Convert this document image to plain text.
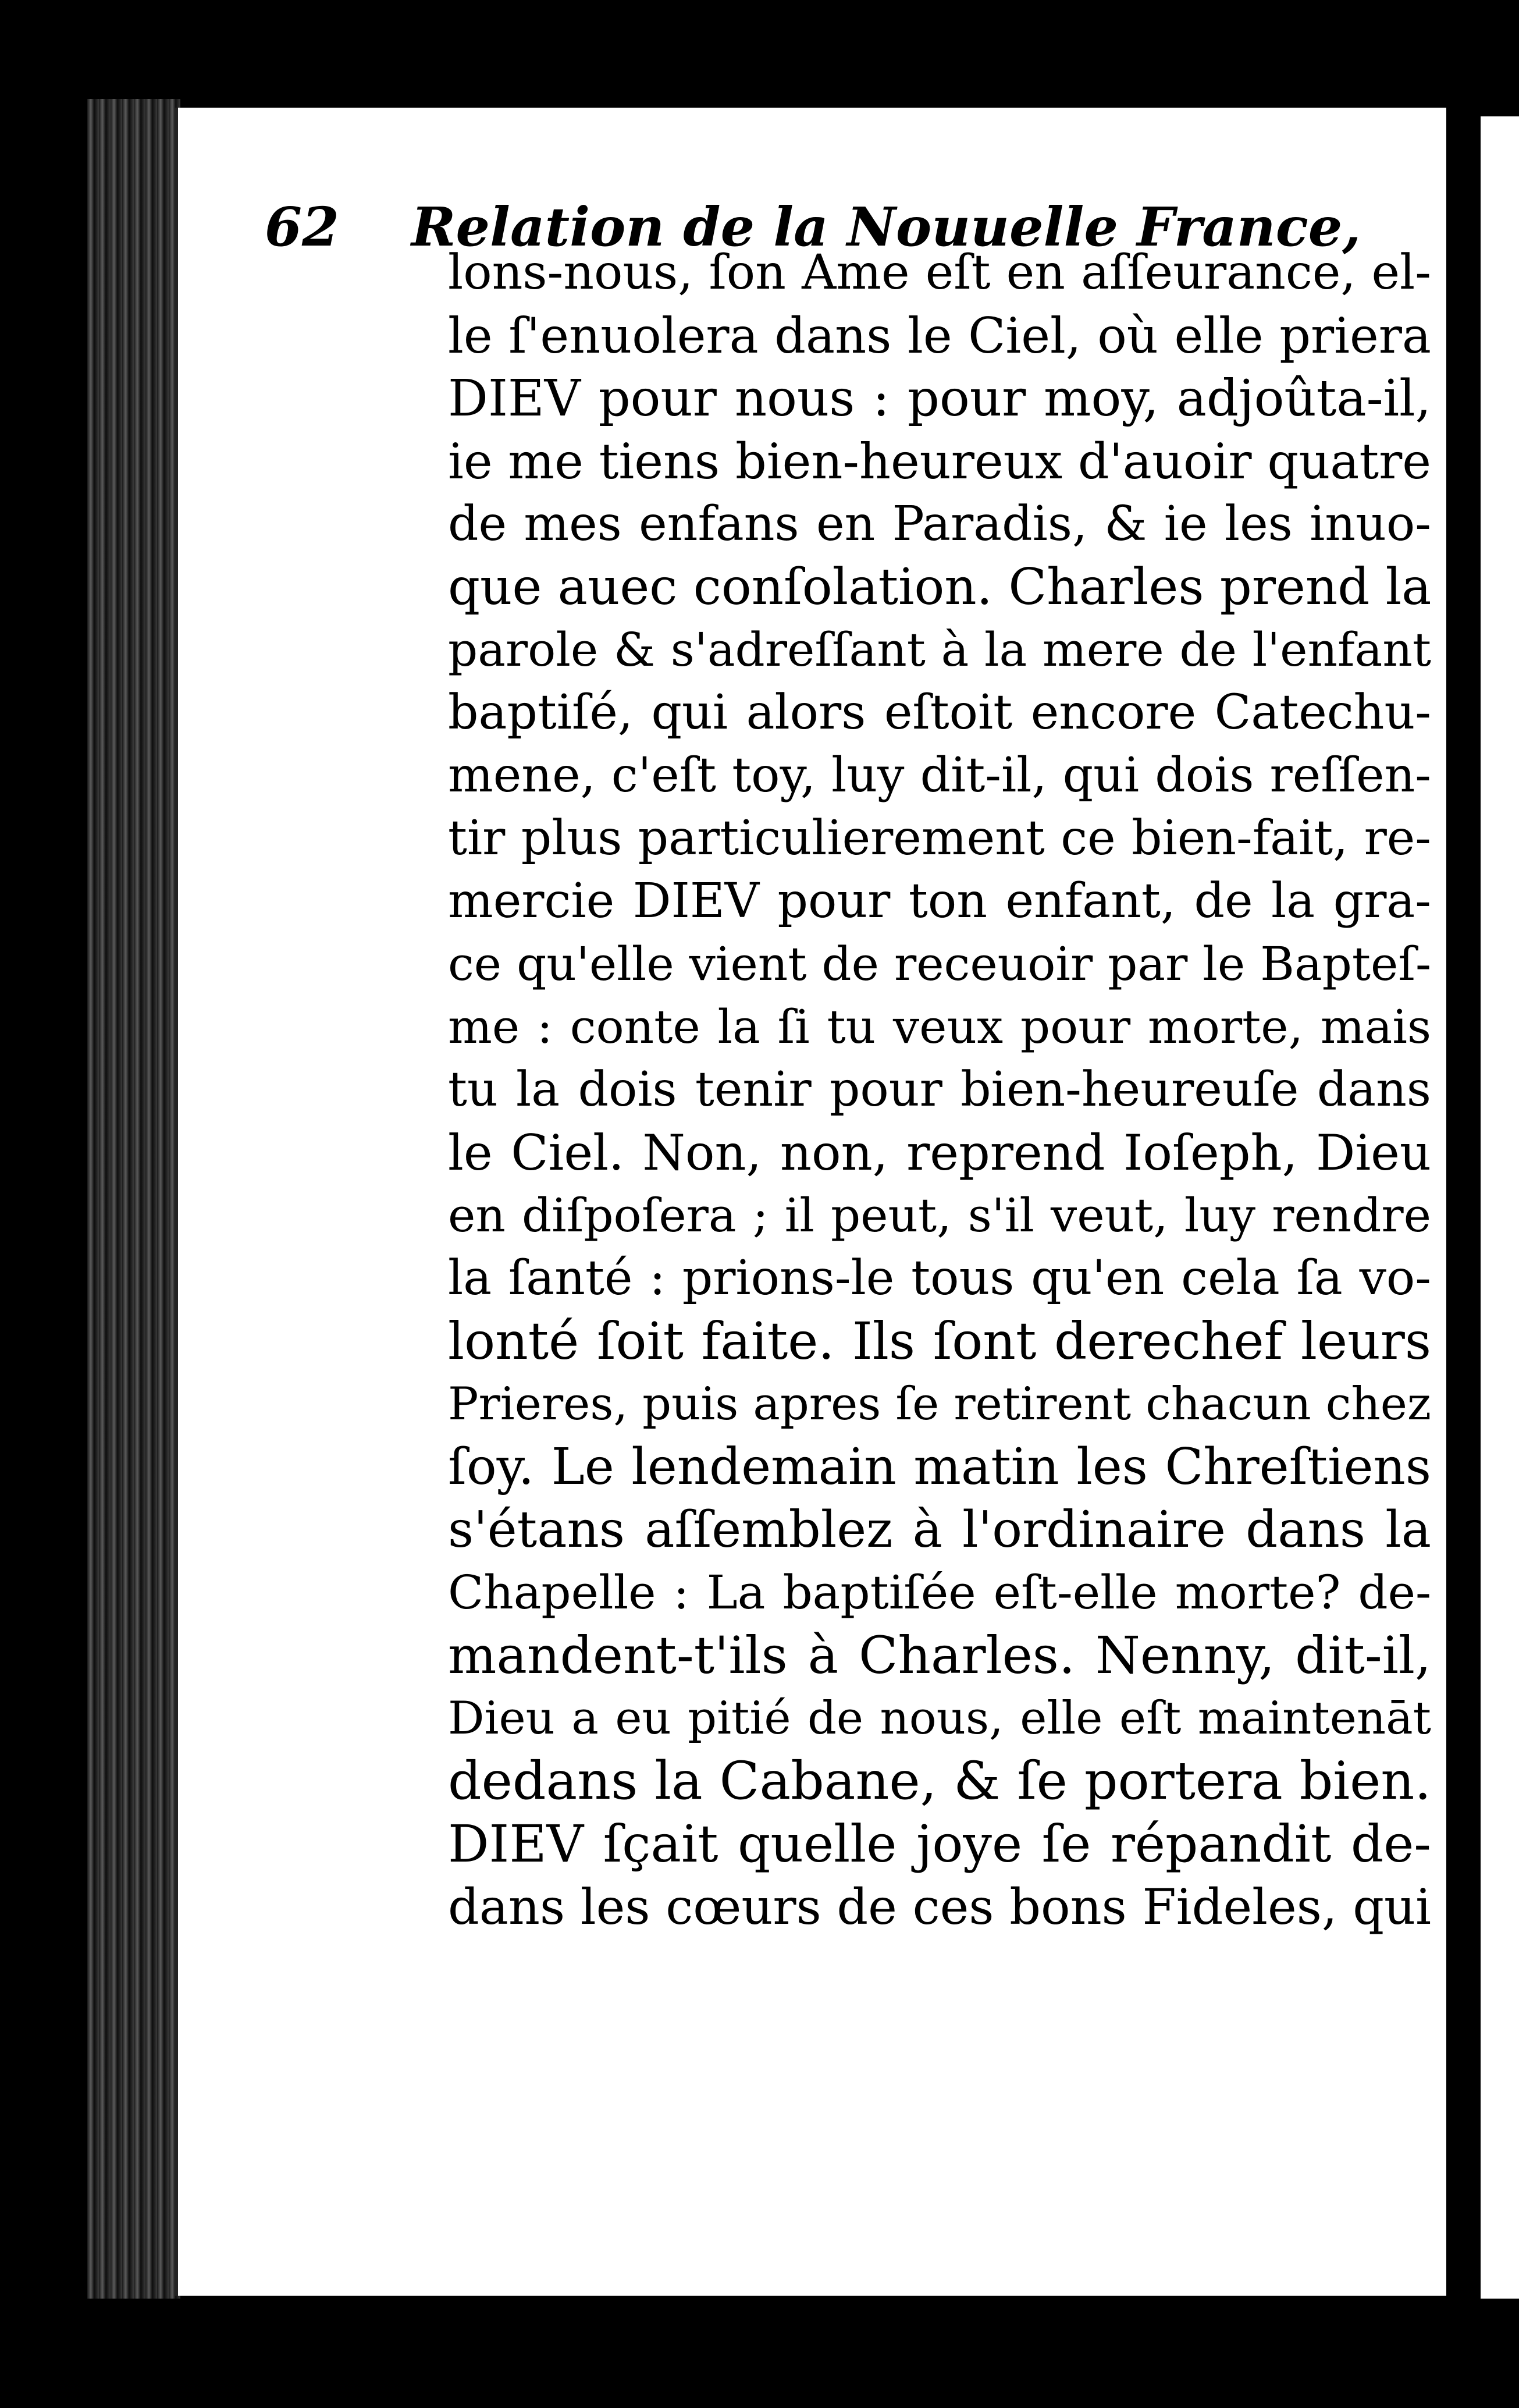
62 Relation de la Nouuelle France,
lons-nous, ſon Ame eſt en aſſeurance, el-
le ſ'enuolera dans le Ciel, où elle priera
DIEV pour nous : pour moy, adjoûta-il,
ie me tiens bien-heureux d'auoir quatre
de mes enfans en Paradis, & ie les inuo-
que auec conſolation. Charles prend la
parole & s'adreſſant à la mere de l'enfant
baptiſé, qui alors eſtoit encore Catechu-
mene, c'eſt toy, luy dit-il, qui dois reſſen-
tir plus particulierement ce bien-fait, re-
mercie DIEV pour ton enfant, de la gra-
ce qu'elle vient de receuoir par le Bapteſ-
me : conte la ſi tu veux pour morte, mais
tu la dois tenir pour bien-heureuſe dans
le Ciel. Non, non, reprend Ioſeph, Dieu
en diſpoſera ; il peut, s'il veut, luy rendre
la ſanté : prions-le tous qu'en cela ſa vo-
lonté ſoit faite. Ils ſont derechef leurs
Prieres, puis apres ſe retirent chacun chez
ſoy. Le lendemain matin les Chreſtiens
s'étans aſſemblez à l'ordinaire dans la
Chapelle : La baptiſée eſt-elle morte? de-
mandent-t'ils à Charles. Nenny, dit-il,
Dieu a eu pitié de nous, elle eſt maintenāt
dedans la Cabane, & ſe portera bien.
DIEV ſçait quelle joye ſe répandit de-
dans les cœurs de ces bons Fideles, qui
